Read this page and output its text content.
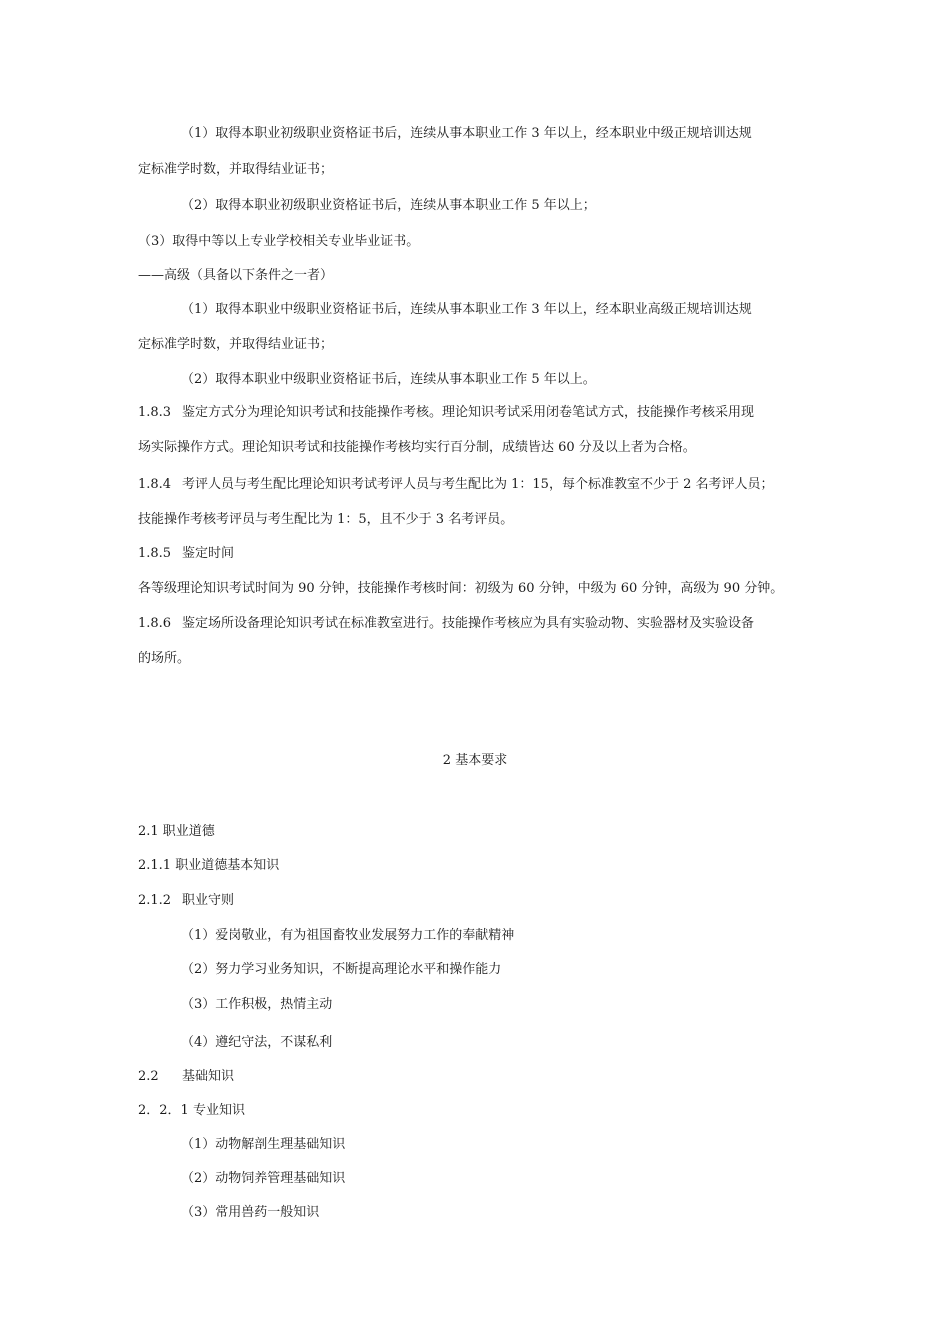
（1）取得本职业初级职业资格证书后，连续从事本职业工作 3 年以上，经本职业中级正规培训达规
定标准学时数，并取得结业证书；
（2）取得本职业初级职业资格证书后，连续从事本职业工作 5 年以上；
（3）取得中等以上专业学校相关专业毕业证书。
——高级（具备以下条件之一者）
（1）取得本职业中级职业资格证书后，连续从事本职业工作 3 年以上，经本职业高级正规培训达规
定标准学时数，并取得结业证书；
（2）取得本职业中级职业资格证书后，连续从事本职业工作 5 年以上。
1.8.3 鉴定方式分为理论知识考试和技能操作考核。理论知识考试采用闭卷笔试方式，技能操作考核采用现
场实际操作方式。理论知识考试和技能操作考核均实行百分制，成绩皆达 60 分及以上者为合格。
1.8.4 考评人员与考生配比理论知识考试考评人员与考生配比为 1：15，每个标准教室不少于 2 名考评人员；
技能操作考核考评员与考生配比为 1：5，且不少于 3 名考评员。
1.8.5 鉴定时间
各等级理论知识考试时间为 90 分钟，技能操作考核时间：初级为 60 分钟，中级为 60 分钟，高级为 90 分钟。
1.8.6 鉴定场所设备理论知识考试在标准教室进行。技能操作考核应为具有实验动物、实验器材及实验设备
的场所。
2 基本要求
2.1 职业道德
2.1.1 职业道德基本知识
2.1.2 职业守则
（1）爱岗敬业，有为祖国畜牧业发展努力工作的奉献精神
（2）努力学习业务知识，不断提高理论水平和操作能力
（3）工作积极，热情主动
（4）遵纪守法，不谋私利
2.2 基础知识
2．2．1 专业知识
（1）动物解剖生理基础知识
（2）动物饲养管理基础知识
（3）常用兽药一般知识
